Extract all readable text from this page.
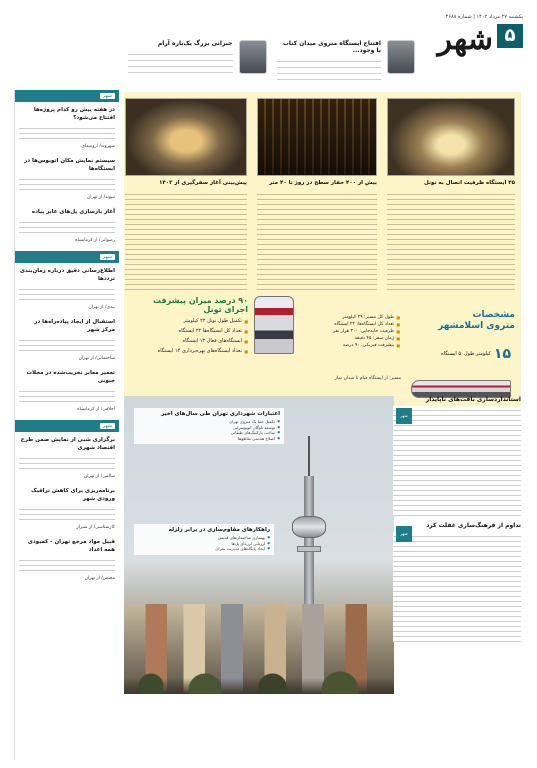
یکشنبه ۲۷ مرداد ۱۴۰۲ | شماره ۴۶۸۸
۵
شهر
افتتاح ایستگاه متروی میدان کتاب با وجود...
جبرانی بزرگ یک‌باره آرام
شهر
در هفته پیش رو کدام پروژه‌ها افتتاح می‌شود؟
شهروند/ ارومیه‌ای
سیستم نمایش مکان اتوبوس‌ها در ایستگاه‌ها
تبیوند/ از تهران
آغاز بازسازی پل‌های عابر پیاده
رضوانی/ از کرمانشاه
شهر
اطلاع‌رسانی دقیق درباره زمان‌بندی ترددها
بیدی/ از تهران
استقبال از ایجاد پیاده‌راه‌ها در مرکز شهر
ساختمانی/ از تهران
تعمیر معابر تخریب‌شده در محلات جنوبی
اخلاقی/ از کرمانشاه
شهر
برگزاری شبی از نمایش ضمن طرح اقتصاد شهری
سالمی/ از تهران
برنامه‌ریزی برای کاهش ترافیک ورودی شهر
کارشناسی/ از شیراز
قبیل مواد مرجع تهران - کمبودی همه اعداد
مختص/ از تهران
۴۵ ایستگاه ظرفیت اتصال به تونل
بیش از ۴۰۰ حفار سطح در روز تا ۴۰ متر
پیش‌بینی آغاز سفرگیری از ۱۴۰۲
۹۰ درصد میزان پیشرفت اجرای تونل
■ تکمیل طول تونل ۲۲ کیلومتر
■ تعداد کل ایستگاه‌ها ۲۲ ایستگاه
■ ایستگاه‌های فعال ۱۳ ایستگاه
■ تعداد ایستگاه‌های بهره‌برداری ۱۴ ایستگاه
■ طول کل مسیر: ۲۹ کیلومتر
■ تعداد کل ایستگاه‌ها: ۲۲ ایستگاه
■ ظرفیت جابه‌جایی: ۳۰۰ هزار نفر
■ زمان سفر: ۴۵ دقیقه
■ پیشرفت فیزیکی: ۹۰ درصد
مشخصات
متروی اسلامشهر
۱۵
کیلومتر طول
۵ ایستگاه
مسیر: از ایستگاه قیام تا میدان نماز
اعتبارات شهرداری تهران طی سال‌های اخیر
● تکمیل خط یک متروی تهران
● توسعه ناوگان اتوبوسرانی
● ساخت پارکینگ‌های طبقاتی
● اصلاح هندسی تقاطع‌ها
راهکارهای مقاوم‌سازی در برابر زلزله
● بهسازی ساختمان‌های قدیمی
● ارزیابی لرزه‌ای پل‌ها
● ایجاد پایگاه‌های مدیریت بحران
استانداردسازی بافت‌های ناپایدار
تداوم از فرهنگ‌سازی غفلت کرد
شهر
شهر
